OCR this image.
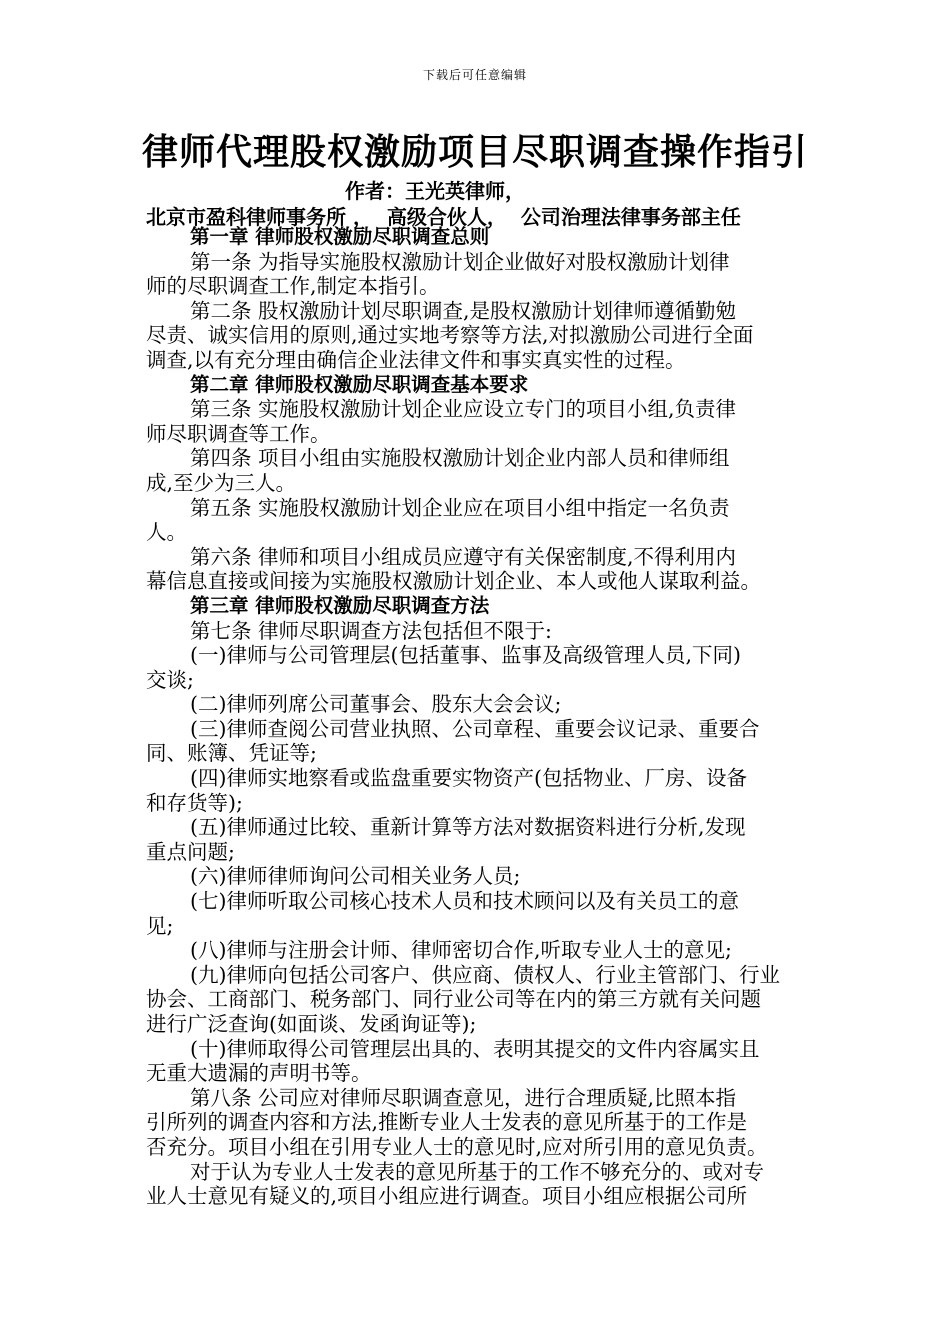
下载后可任意编辑
律师代理股权激励项目尽职调查操作指引
作者：王光英律师，
北京市盈科律师事务所 ，  高级合伙人，  公司治理法律事务部主任
第一章 律师股权激励尽职调查总则
第一条 为指导实施股权激励计划企业做好对股权激励计划律
师的尽职调查工作,制定本指引。
第二条 股权激励计划尽职调查,是股权激励计划律师遵循勤勉
尽责、诚实信用的原则,通过实地考察等方法,对拟激励公司进行全面
调查,以有充分理由确信企业法律文件和事实真实性的过程。
第二章 律师股权激励尽职调查基本要求
第三条 实施股权激励计划企业应设立专门的项目小组,负责律
师尽职调查等工作。
第四条 项目小组由实施股权激励计划企业内部人员和律师组
成,至少为三人。
第五条 实施股权激励计划企业应在项目小组中指定一名负责
人。
第六条 律师和项目小组成员应遵守有关保密制度,不得利用内
幕信息直接或间接为实施股权激励计划企业、本人或他人谋取利益。
第三章 律师股权激励尽职调查方法
第七条 律师尽职调查方法包括但不限于:
(一)律师与公司管理层(包括董事、监事及高级管理人员,下同)
交谈;
(二)律师列席公司董事会、股东大会会议;
(三)律师查阅公司营业执照、公司章程、重要会议记录、重要合
同、账簿、凭证等;
(四)律师实地察看或监盘重要实物资产(包括物业、厂房、设备
和存货等);
(五)律师通过比较、重新计算等方法对数据资料进行分析,发现
重点问题;
(六)律师律师询问公司相关业务人员;
(七)律师听取公司核心技术人员和技术顾问以及有关员工的意
见;
(八)律师与注册会计师、律师密切合作,听取专业人士的意见;
(九)律师向包括公司客户、供应商、债权人、行业主管部门、行业
协会、工商部门、税务部门、同行业公司等在内的第三方就有关问题
进行广泛查询(如面谈、发函询证等);
(十)律师取得公司管理层出具的、表明其提交的文件内容属实且
无重大遗漏的声明书等。
第八条 公司应对律师尽职调查意见，进行合理质疑,比照本指
引所列的调查内容和方法,推断专业人士发表的意见所基于的工作是
否充分。项目小组在引用专业人士的意见时,应对所引用的意见负责。
对于认为专业人士发表的意见所基于的工作不够充分的、或对专
业人士意见有疑义的,项目小组应进行调查。项目小组应根据公司所
